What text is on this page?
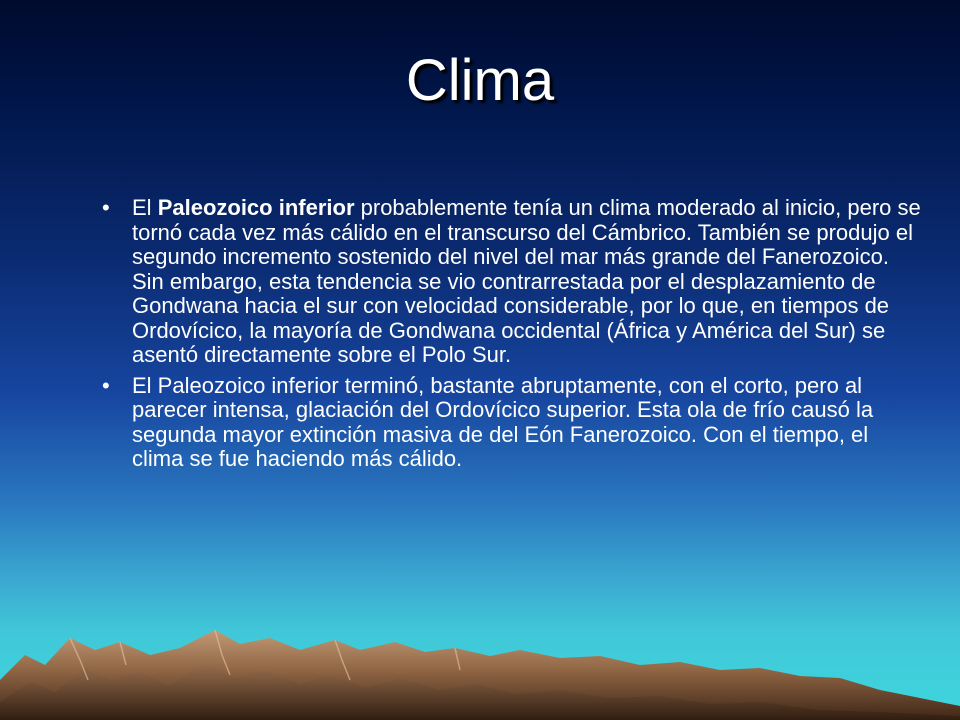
Clima
• El Paleozoico inferior probablemente tenía un clima moderado al inicio, pero se tornó cada vez más cálido en el transcurso del Cámbrico. También se produjo el segundo incremento sostenido del nivel del mar más grande del Fanerozoico. Sin embargo, esta tendencia se vio contrarrestada por el desplazamiento de Gondwana hacia el sur con velocidad considerable, por lo que, en tiempos de Ordovícico, la mayoría de Gondwana occidental (África y América del Sur) se asentó directamente sobre el Polo Sur.
• El Paleozoico inferior terminó, bastante abruptamente, con el corto, pero al parecer intensa, glaciación del Ordovícico superior. Esta ola de frío causó la segunda mayor extinción masiva de del Eón Fanerozoico. Con el tiempo, el clima se fue haciendo más cálido.
